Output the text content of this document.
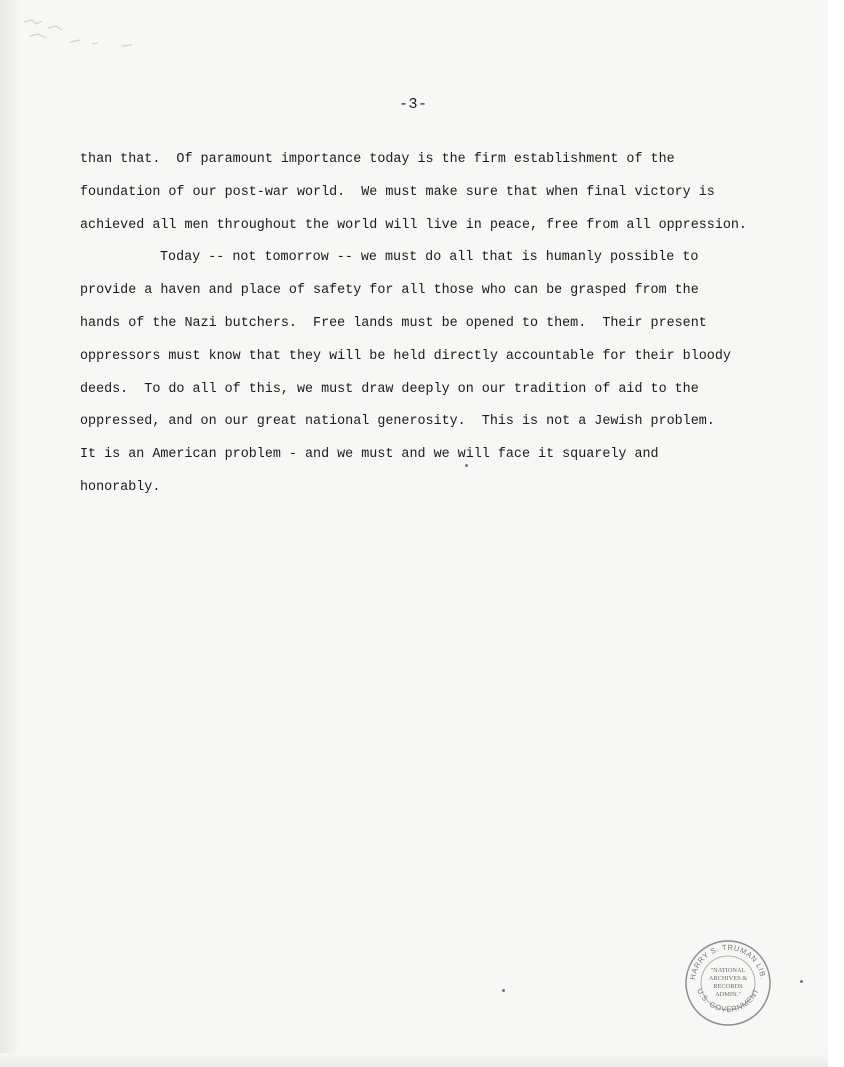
-3-
than that.  Of paramount importance today is the firm establishment of the
foundation of our post-war world.  We must make sure that when final victory is
achieved all men throughout the world will live in peace, free from all oppression.
Today -- not tomorrow -- we must do all that is humanly possible to
provide a haven and place of safety for all those who can be grasped from the
hands of the Nazi butchers.  Free lands must be opened to them.  Their present
oppressors must know that they will be held directly accountable for their bloody
deeds.  To do all of this, we must draw deeply on our tradition of aid to the
oppressed, and on our great national generosity.  This is not a Jewish problem.
It is an American problem - and we must and we will face it squarely and
honorably.
HARRY S. TRUMAN LIB.
U.S. GOVERNMENT
"NATIONAL
ARCHIVES &
RECORDS
ADMIN."
